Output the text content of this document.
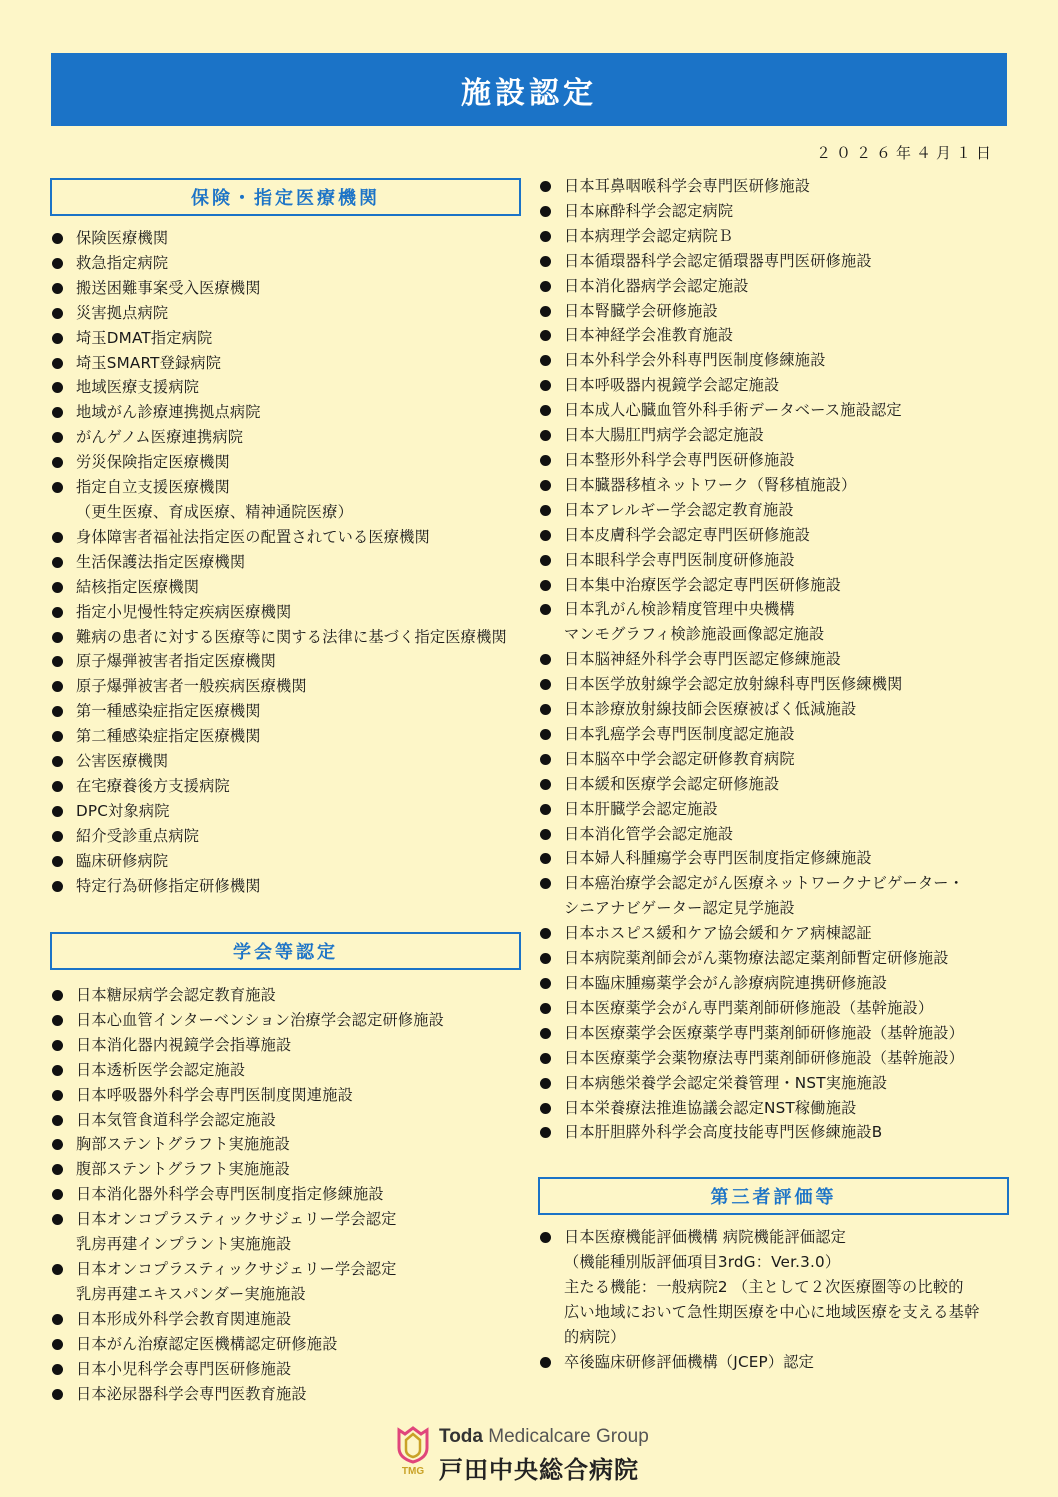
施設認定
２０２６年４月１日
保険・指定医療機関
保険医療機関
救急指定病院
搬送困難事案受入医療機関
災害拠点病院
埼玉DMAT指定病院
埼玉SMART登録病院
地域医療支援病院
地域がん診療連携拠点病院
がんゲノム医療連携病院
労災保険指定医療機関
指定自立支援医療機関
（更生医療、育成医療、精神通院医療）
身体障害者福祉法指定医の配置されている医療機関
生活保護法指定医療機関
結核指定医療機関
指定小児慢性特定疾病医療機関
難病の患者に対する医療等に関する法律に基づく指定医療機関
原子爆弾被害者指定医療機関
原子爆弾被害者一般疾病医療機関
第一種感染症指定医療機関
第二種感染症指定医療機関
公害医療機関
在宅療養後方支援病院
DPC対象病院
紹介受診重点病院
臨床研修病院
特定行為研修指定研修機関
学会等認定
日本糖尿病学会認定教育施設
日本心血管インターベンション治療学会認定研修施設
日本消化器内視鏡学会指導施設
日本透析医学会認定施設
日本呼吸器外科学会専門医制度関連施設
日本気管食道科学会認定施設
胸部ステントグラフト実施施設
腹部ステントグラフト実施施設
日本消化器外科学会専門医制度指定修練施設
日本オンコプラスティックサジェリー学会認定
乳房再建インプラント実施施設
日本オンコプラスティックサジェリー学会認定
乳房再建エキスパンダー実施施設
日本形成外科学会教育関連施設
日本がん治療認定医機構認定研修施設
日本小児科学会専門医研修施設
日本泌尿器科学会専門医教育施設
日本耳鼻咽喉科学会専門医研修施設
日本麻酔科学会認定病院
日本病理学会認定病院Ｂ
日本循環器科学会認定循環器専門医研修施設
日本消化器病学会認定施設
日本腎臓学会研修施設
日本神経学会准教育施設
日本外科学会外科専門医制度修練施設
日本呼吸器内視鏡学会認定施設
日本成人心臓血管外科手術データベース施設認定
日本大腸肛門病学会認定施設
日本整形外科学会専門医研修施設
日本臓器移植ネットワーク（腎移植施設）
日本アレルギー学会認定教育施設
日本皮膚科学会認定専門医研修施設
日本眼科学会専門医制度研修施設
日本集中治療医学会認定専門医研修施設
日本乳がん検診精度管理中央機構
マンモグラフィ検診施設画像認定施設
日本脳神経外科学会専門医認定修練施設
日本医学放射線学会認定放射線科専門医修練機関
日本診療放射線技師会医療被ばく低減施設
日本乳癌学会専門医制度認定施設
日本脳卒中学会認定研修教育病院
日本緩和医療学会認定研修施設
日本肝臓学会認定施設
日本消化管学会認定施設
日本婦人科腫瘍学会専門医制度指定修練施設
日本癌治療学会認定がん医療ネットワークナビゲーター・
シニアナビゲーター認定見学施設
日本ホスピス緩和ケア協会緩和ケア病棟認証
日本病院薬剤師会がん薬物療法認定薬剤師暫定研修施設
日本臨床腫瘍薬学会がん診療病院連携研修施設
日本医療薬学会がん専門薬剤師研修施設（基幹施設）
日本医療薬学会医療薬学専門薬剤師研修施設（基幹施設）
日本医療薬学会薬物療法専門薬剤師研修施設（基幹施設）
日本病態栄養学会認定栄養管理・NST実施施設
日本栄養療法推進協議会認定NST稼働施設
日本肝胆膵外科学会高度技能専門医修練施設B
第三者評価等
日本医療機能評価機構 病院機能評価認定
（機能種別版評価項目3rdG：Ver.3.0）
主たる機能：一般病院2 （主として２次医療圏等の比較的
広い地域において急性期医療を中心に地域医療を支える基幹
的病院）
卒後臨床研修評価機構（JCEP）認定
TMG
Toda Medicalcare Group
戸田中央総合病院
